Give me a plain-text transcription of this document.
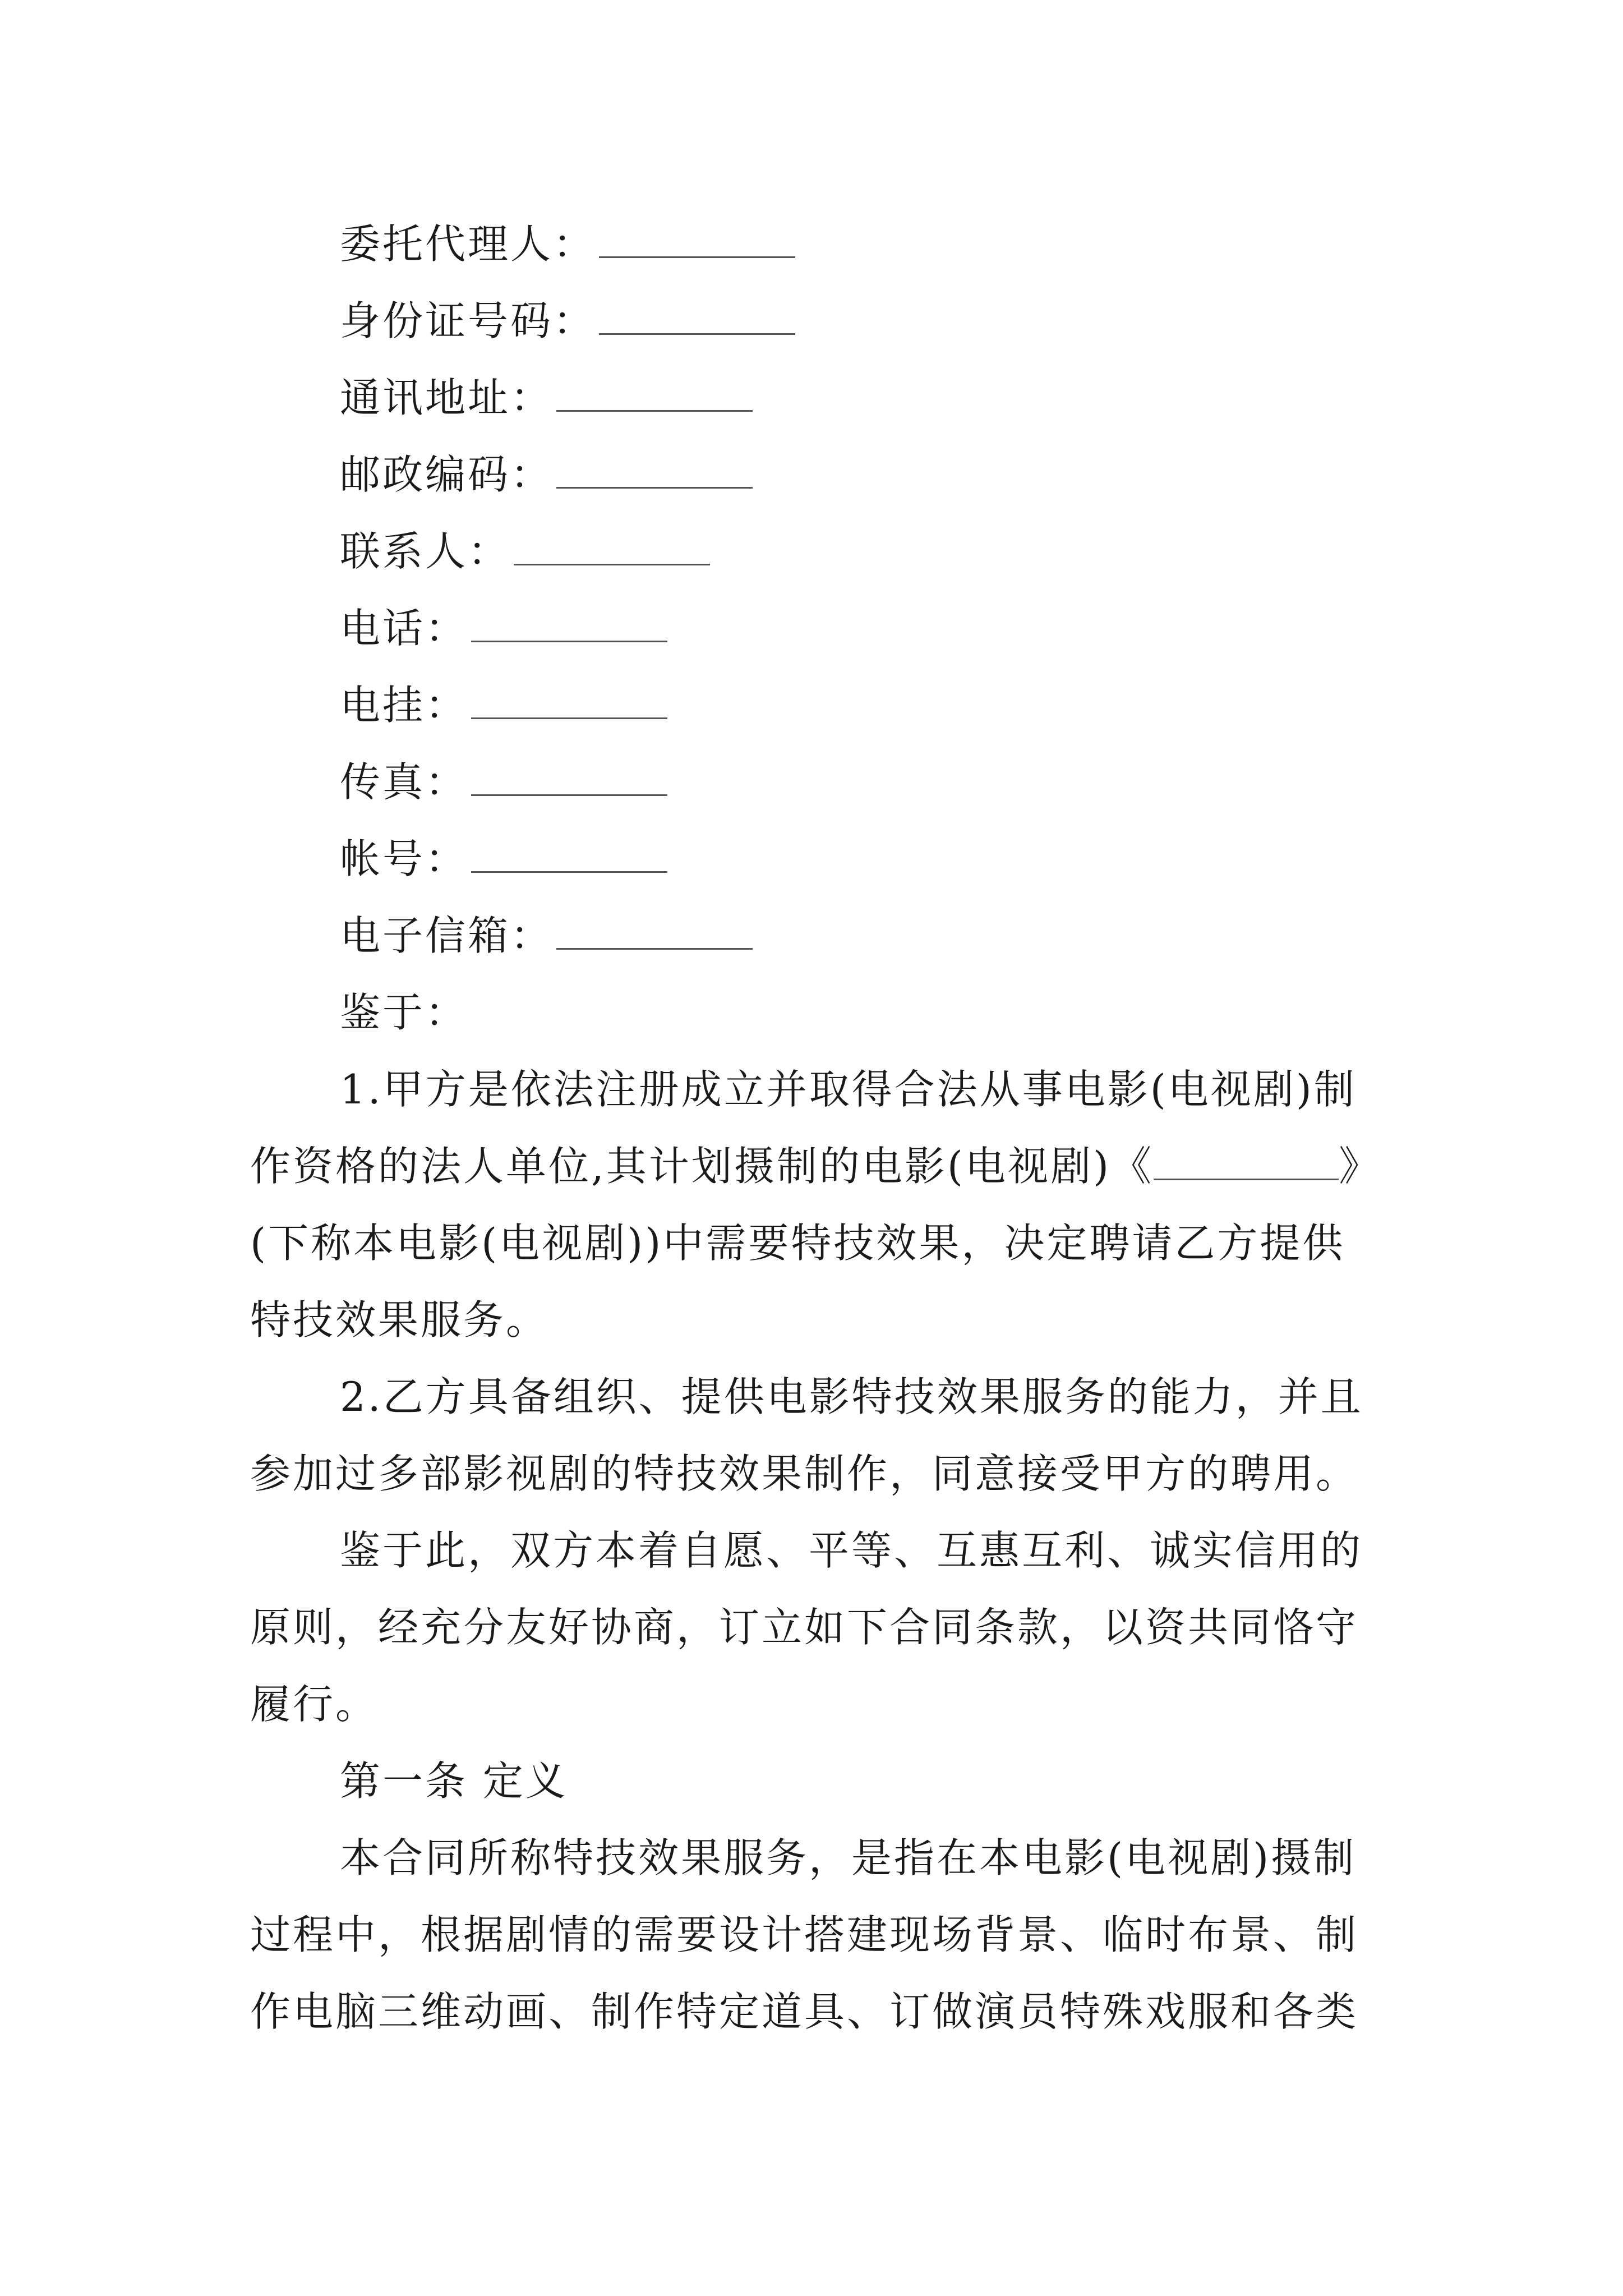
委托代理人：
身份证号码：
通讯地址：
邮政编码：
联系人：
电话：
电挂：
传真：
帐号：
电子信箱：
鉴于：
1.甲方是依法注册成立并取得合法从事电影(电视剧)制
作资格的法人单位,其计划摄制的电影(电视剧)《	》
(下称本电影(电视剧))中需要特技效果，决定聘请乙方提供
特技效果服务。
2.乙方具备组织、提供电影特技效果服务的能力，并且
参加过多部影视剧的特技效果制作，同意接受甲方的聘用。
鉴于此，双方本着自愿、平等、互惠互利、诚实信用的
原则，经充分友好协商，订立如下合同条款，以资共同恪守
履行。
第一条 定义
本合同所称特技效果服务，是指在本电影(电视剧)摄制
过程中，根据剧情的需要设计搭建现场背景、临时布景、制
作电脑三维动画、制作特定道具、订做演员特殊戏服和各类
